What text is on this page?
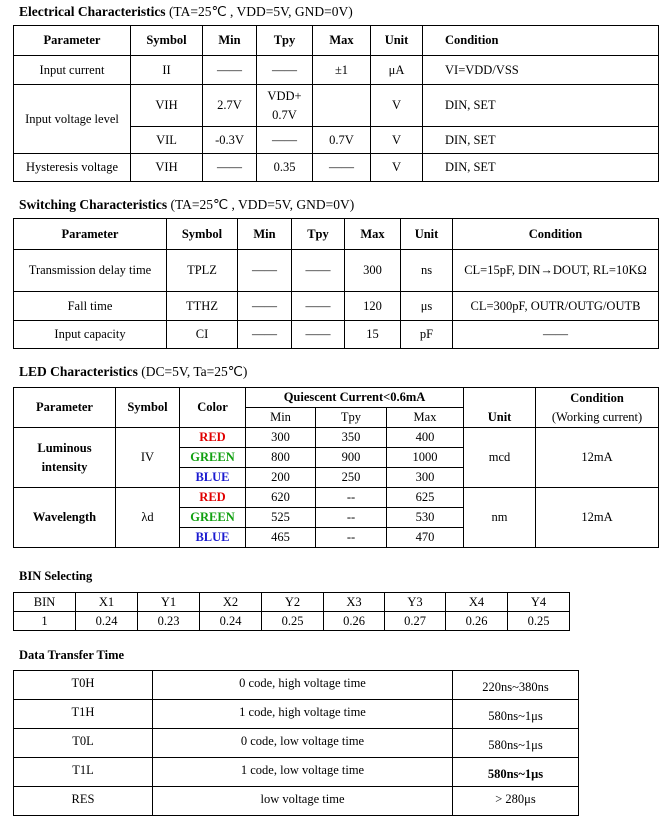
Electrical Characteristics (TA=25℃ , VDD=5V, GND=0V)
Parameter	Symbol	Min	Tpy	Max	Unit	Condition
Input current	II	——	——	±1	μA	VI=VDD/VSS
Input voltage level	VIH	2.7V	VDD+ 0.7V		V	DIN, SET
	VIL	-0.3V	——	0.7V	V	DIN, SET
Hysteresis voltage	VIH	——	0.35	——	V	DIN, SET
Switching Characteristics (TA=25℃ , VDD=5V, GND=0V)
Parameter	Symbol	Min	Tpy	Max	Unit	Condition
Transmission delay time	TPLZ	——	——	300	ns	CL=15pF, DIN→DOUT, RL=10KΩ
Fall time	TTHZ	——	——	120	μs	CL=300pF, OUTR/OUTG/OUTB
Input capacity	CI	——	——	15	pF	——
LED Characteristics (DC=5V, Ta=25℃)
Parameter	Symbol	Color	Quiescent Current<0.6mA				Condition
			Min	Tpy	Max	Unit	(Working current)
Luminous intensity	IV	RED	300	350	400	mcd	12mA
		GREEN	800	900	1000		
		BLUE	200	250	300		
Wavelength	λd	RED	620	--	625	nm	12mA
		GREEN	525	--	530		
		BLUE	465	--	470		
BIN Selecting
BIN	X1	Y1	X2	Y2	X3	Y3	X4	Y4
1	0.24	0.23	0.24	0.25	0.26	0.27	0.26	0.25
Data Transfer Time
T0H	0 code, high voltage time	220ns~380ns
T1H	1 code, high voltage time	580ns~1μs
T0L	0 code, low voltage time	580ns~1μs
T1L	1 code, low voltage time	580ns~1μs
RES	low voltage time	> 280μs
